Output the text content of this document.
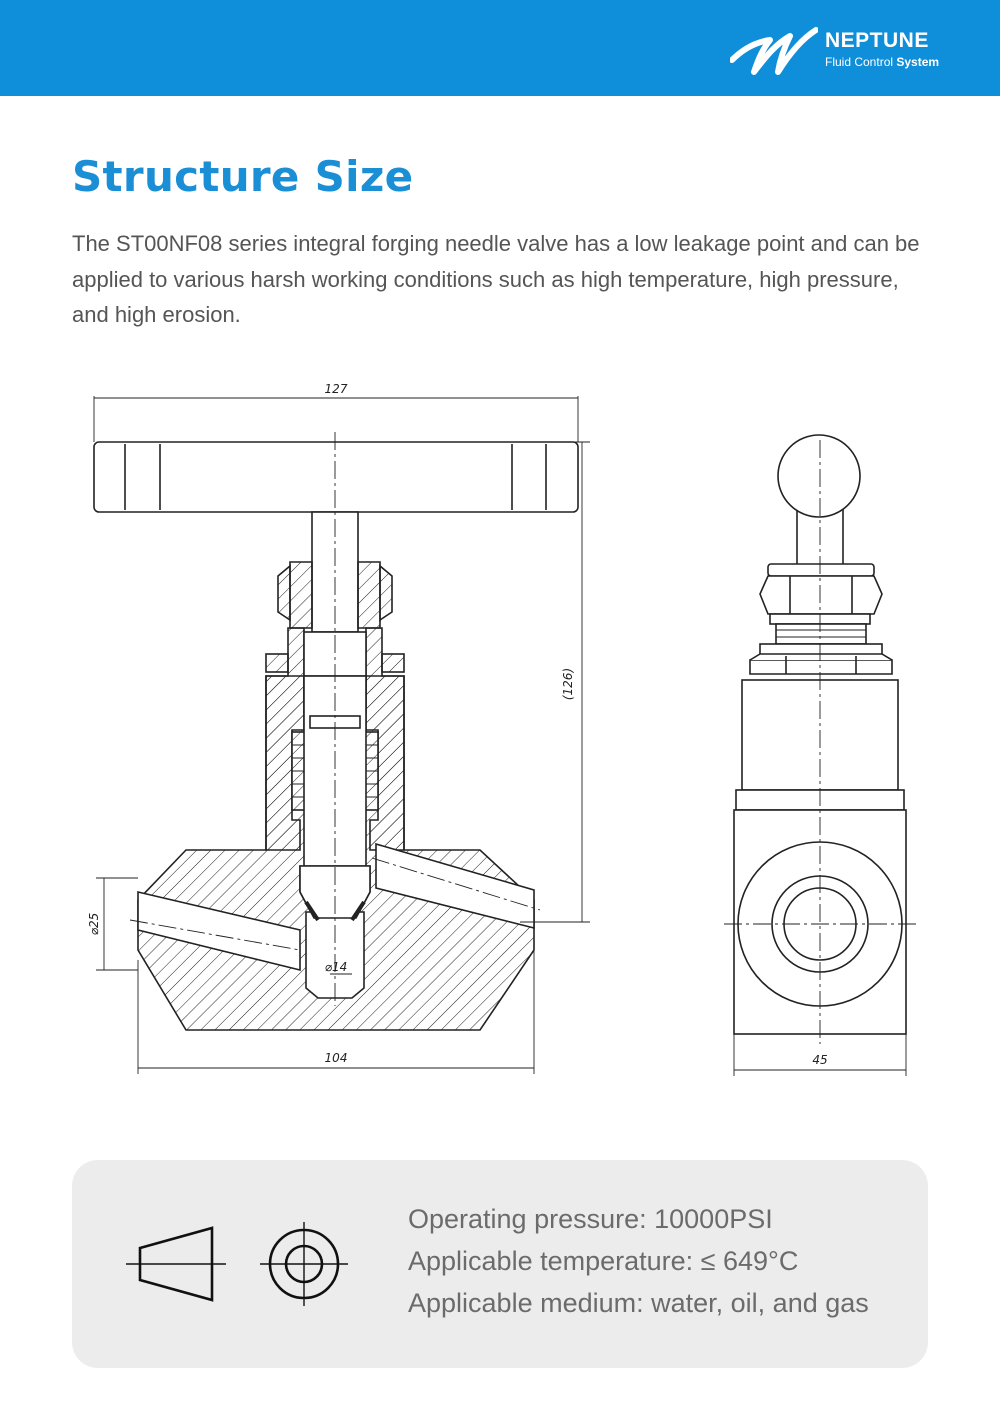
NEPTUNE
Fluid Control System
Structure Size

The ST00NF08 series integral forging needle valve has a low leakage point and can be applied to various harsh working conditions such as high temperature, high pressure, and high erosion.

127
(126)
⌀25
⌀14
104	45
Operating pressure: 10000PSI
Applicable temperature: ≤ 649°C
Applicable medium: water, oil, and gas
